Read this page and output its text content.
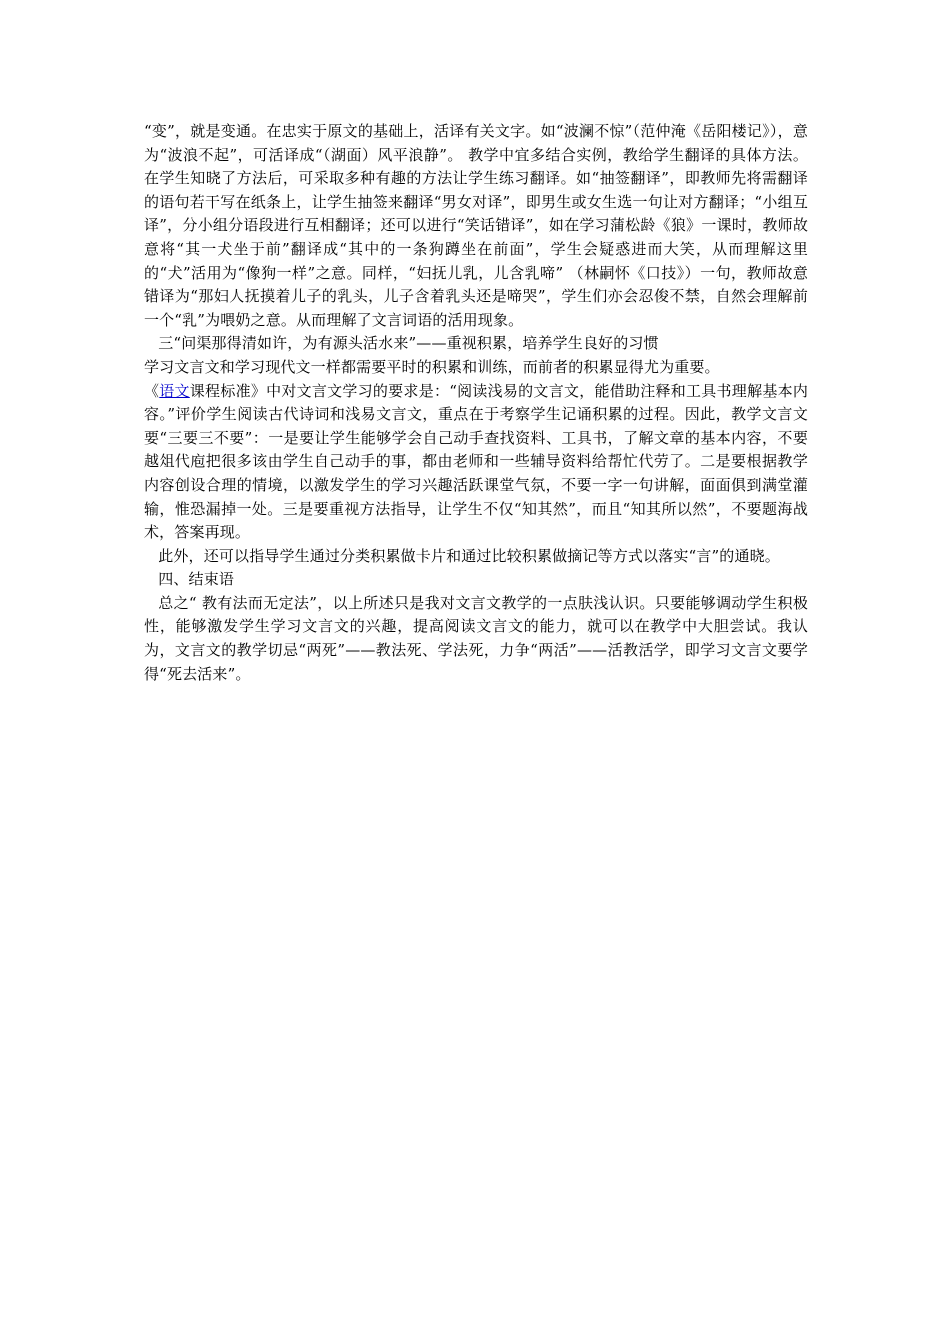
“变”，就是变通。在忠实于原文的基础上，活译有关文字。如“波澜不惊”（范仲淹《岳阳楼记》），意为“波浪不起”，可活译成“（湖面）风平浪静”。 教学中宜多结合实例，教给学生翻译的具体方法。在学生知晓了方法后，可采取多种有趣的方法让学生练习翻译。如“抽签翻译”，即教师先将需翻译的语句若干写在纸条上，让学生抽签来翻译“男女对译”，即男生或女生选一句让对方翻译；“小组互译”，分小组分语段进行互相翻译；还可以进行“笑话错译”，如在学习蒲松龄《狼》一课时，教师故意将“其一犬坐于前”翻译成“其中的一条狗蹲坐在前面”，学生会疑惑进而大笑，从而理解这里的“犬”活用为“像狗一样”之意。同样，“妇抚儿乳，儿含乳啼” （林嗣怀《口技》）一句，教师故意错译为“那妇人抚摸着儿子的乳头，儿子含着乳头还是啼哭”，学生们亦会忍俊不禁，自然会理解前一个“乳”为喂奶之意。从而理解了文言词语的活用现象。

三“问渠那得清如许，为有源头活水来”——重视积累，培养学生良好的习惯

学习文言文和学习现代文一样都需要平时的积累和训练，而前者的积累显得尤为重要。

《语文课程标准》中对文言文学习的要求是：“阅读浅易的文言文，能借助注释和工具书理解基本内容。”评价学生阅读古代诗词和浅易文言文，重点在于考察学生记诵积累的过程。因此，教学文言文要“三要三不要”：一是要让学生能够学会自己动手查找资料、工具书，了解文章的基本内容，不要越俎代庖把很多该由学生自己动手的事，都由老师和一些辅导资料给帮忙代劳了。二是要根据教学内容创设合理的情境，以激发学生的学习兴趣活跃课堂气氛，不要一字一句讲解，面面俱到满堂灌输，惟恐漏掉一处。三是要重视方法指导，让学生不仅“知其然”，而且“知其所以然”，不要题海战术，答案再现。

此外，还可以指导学生通过分类积累做卡片和通过比较积累做摘记等方式以落实“言”的通晓。

四、结束语

总之“ 教有法而无定法”，以上所述只是我对文言文教学的一点肤浅认识。只要能够调动学生积极性，能够激发学生学习文言文的兴趣，提高阅读文言文的能力，就可以在教学中大胆尝试。我认为，文言文的教学切忌“两死”——教法死、学法死，力争“两活”——活教活学，即学习文言文要学得“死去活来”。
